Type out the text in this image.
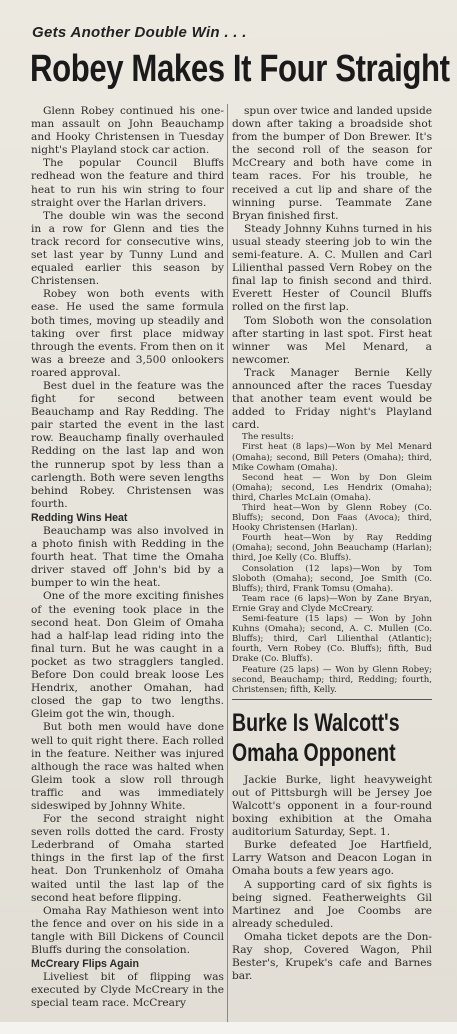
Gets Another Double Win . . .
Robey Makes It Four Straight

Glenn Robey continued his one-man assault on John Beauchamp and Hooky Christensen in Tuesday night's Playland stock car action.

The popular Council Bluffs redhead won the feature and third heat to run his win string to four straight over the Harlan drivers.

The double win was the second in a row for Glenn and ties the track record for consecutive wins, set last year by Tunny Lund and equaled earlier this season by Christensen.

Robey won both events with ease. He used the same formula both times, moving up steadily and taking over first place midway through the events. From then on it was a breeze and 3,500 onlookers roared approval.

Best duel in the feature was the fight for second between Beauchamp and Ray Redding. The pair started the event in the last row. Beauchamp finally overhauled Redding on the last lap and won the runnerup spot by less than a carlength. Both were seven lengths behind Robey. Christensen was fourth.

Redding Wins Heat

Beauchamp was also involved in a photo finish with Redding in the fourth heat. That time the Omaha driver staved off John's bid by a bumper to win the heat.

One of the more exciting finishes of the evening took place in the second heat. Don Gleim of Omaha had a half-lap lead riding into the final turn. But he was caught in a pocket as two stragglers tangled. Before Don could break loose Les Hendrix, another Omahan, had closed the gap to two lengths. Gleim got the win, though.

But both men would have done well to quit right there. Each rolled in the feature. Neither was injured although the race was halted when Gleim took a slow roll through traffic and was immediately sideswiped by Johnny White.

For the second straight night seven rolls dotted the card. Frosty Lederbrand of Omaha started things in the first lap of the first heat. Don Trunkenholz of Omaha waited until the last lap of the second heat before flipping.

Omaha Ray Mathieson went into the fence and over on his side in a tangle with Bill Dickens of Council Bluffs during the consolation.

McCreary Flips Again

Liveliest bit of flipping was executed by Clyde McCreary in the special team race. McCreary

spun over twice and landed upside down after taking a broadside shot from the bumper of Don Brewer. It's the second roll of the season for McCreary and both have come in team races. For his trouble, he received a cut lip and share of the winning purse. Teammate Zane Bryan finished first.

Steady Johnny Kuhns turned in his usual steady steering job to win the semi-feature. A. C. Mullen and Carl Lilienthal passed Vern Robey on the final lap to finish second and third. Everett Hester of Council Bluffs rolled on the first lap.

Tom Sloboth won the consolation after starting in last spot. First heat winner was Mel Menard, a newcomer.

Track Manager Bernie Kelly announced after the races Tuesday that another team event would be added to Friday night's Playland card.

The results:

First heat (8 laps)—Won by Mel Menard (Omaha); second, Bill Peters (Omaha); third, Mike Cowham (Omaha).

Second heat — Won by Don Gleim (Omaha); second, Les Hendrix (Omaha); third, Charles McLain (Omaha).

Third heat—Won by Glenn Robey (Co. Bluffs); second, Don Faas (Avoca); third, Hooky Christensen (Harlan).

Fourth heat—Won by Ray Redding (Omaha); second, John Beauchamp (Harlan); third, Joe Kelly (Co. Bluffs).

Consolation (12 laps)—Won by Tom Sloboth (Omaha); second, Joe Smith (Co. Bluffs); third, Frank Tomsu (Omaha).

Team race (6 laps)—Won by Zane Bryan, Ernie Gray and Clyde McCreary.

Semi-feature (15 laps) — Won by John Kuhns (Omaha); second, A. C. Mullen (Co. Bluffs); third, Carl Lilienthal (Atlantic); fourth, Vern Robey (Co. Bluffs); fifth, Bud Drake (Co. Bluffs).

Feature (25 laps) — Won by Glenn Robey; second, Beauchamp; third, Redding; fourth, Christensen; fifth, Kelly.

Burke Is Walcott's
Omaha Opponent

Jackie Burke, light heavyweight out of Pittsburgh will be Jersey Joe Walcott's opponent in a four-round boxing exhibition at the Omaha auditorium Saturday, Sept. 1.

Burke defeated Joe Hartfield, Larry Watson and Deacon Logan in Omaha bouts a few years ago.

A supporting card of six fights is being signed. Featherweights Gil Martinez and Joe Coombs are already scheduled.

Omaha ticket depots are the Don-Ray shop, Covered Wagon, Phil Bester's, Krupek's cafe and Barnes bar.
